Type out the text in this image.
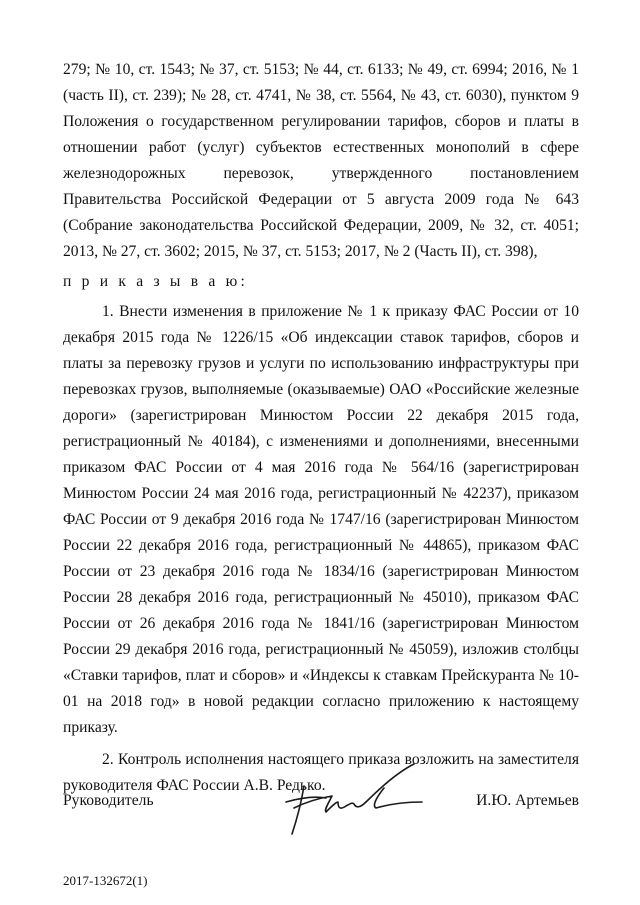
279; № 10, ст. 1543; № 37, ст. 5153; № 44, ст. 6133; № 49, ст. 6994; 2016, № 1 (часть II), ст. 239); № 28, ст. 4741, № 38, ст. 5564, № 43, ст. 6030), пунктом 9 Положения о государственном регулировании тарифов, сборов и платы в отношении работ (услуг) субъектов естественных монополий в сфере железнодорожных перевозок, утвержденного постановлением Правительства Российской Федерации от 5 августа 2009 года № 643 (Собрание законодательства Российской Федерации, 2009, № 32, ст. 4051; 2013, № 27, ст. 3602; 2015, № 37, ст. 5153; 2017, № 2 (Часть II), ст. 398),

п р и к а з ы в а ю:

1. Внести изменения в приложение № 1 к приказу ФАС России от 10 декабря 2015 года № 1226/15 «Об индексации ставок тарифов, сборов и платы за перевозку грузов и услуги по использованию инфраструктуры при перевозках грузов, выполняемые (оказываемые) ОАО «Российские железные дороги» (зарегистрирован Минюстом России 22 декабря 2015 года, регистрационный № 40184), с изменениями и дополнениями, внесенными приказом ФАС России от 4 мая 2016 года № 564/16 (зарегистрирован Минюстом России 24 мая 2016 года, регистрационный № 42237), приказом ФАС России от 9 декабря 2016 года № 1747/16 (зарегистрирован Минюстом России 22 декабря 2016 года, регистрационный № 44865), приказом ФАС России от 23 декабря 2016 года № 1834/16 (зарегистрирован Минюстом России 28 декабря 2016 года, регистрационный № 45010), приказом ФАС России от 26 декабря 2016 года № 1841/16 (зарегистрирован Минюстом России 29 декабря 2016 года, регистрационный № 45059), изложив столбцы «Ставки тарифов, плат и сборов» и «Индексы к ставкам Прейскуранта № 10-01 на 2018 год» в новой редакции согласно приложению к настоящему приказу.

2. Контроль исполнения настоящего приказа возложить на заместителя руководителя ФАС России А.В. Редько.

Руководитель	И.Ю. Артемьев
2017-132672(1)
